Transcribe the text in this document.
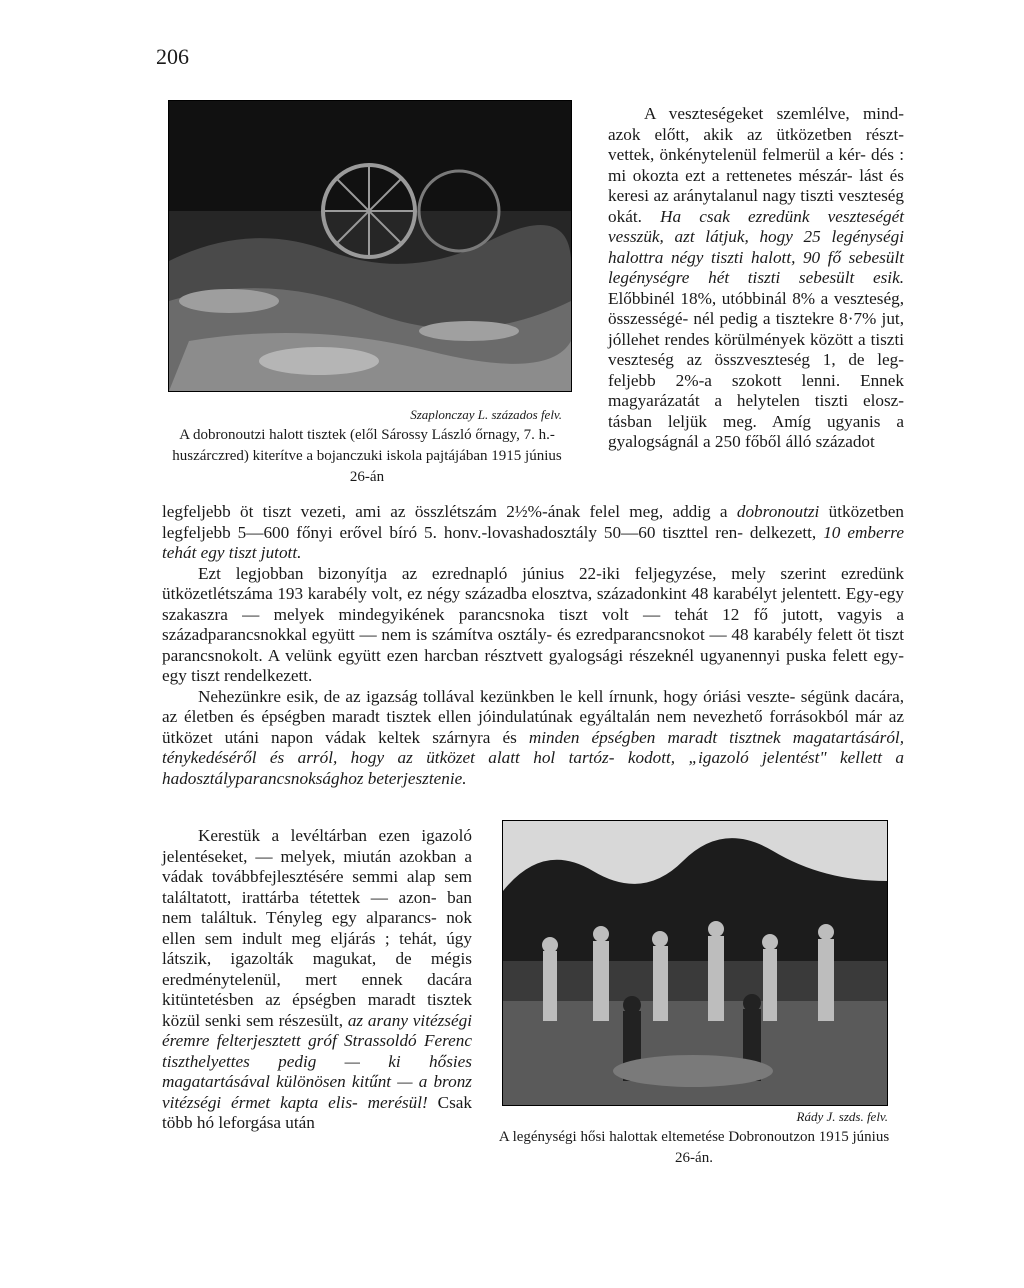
206
Szaplonczay L. százados felv.
A dobronoutzi halott tisztek (elől Sárossy László őrnagy, 7. h.-huszárczred) kiterítve a bojanczuki iskola pajtájában 1915 június 26-án

A veszteségeket szemlélve, mind- azok előtt, akik az ütközetben részt- vettek, önkénytelenül felmerül a kér- dés : mi okozta ezt a rettenetes mészár- lást és keresi az aránytalanul nagy tiszti veszteség okát. Ha csak ezredünk veszteségét vesszük, azt látjuk, hogy 25 legénységi halottra négy tiszti halott, 90 fő sebesült legénységre hét tiszti sebesült esik. Előbbinél 18%, utóbbinál 8% a veszteség, összességé- nél pedig a tisztekre 8·7% jut, jóllehet rendes körülmények között a tiszti veszteség az összveszteség 1, de leg- feljebb 2%-a szokott lenni. Ennek magyarázatát a helytelen tiszti elosz- tásban leljük meg. Amíg ugyanis a gyalogságnál a 250 főből álló századot

legfeljebb öt tiszt vezeti, ami az összlétszám 2½%-ának felel meg, addig a dobronoutzi ütközetben legfeljebb 5—600 főnyi erővel bíró 5. honv.-lovashadosztály 50—60 tiszttel ren- delkezett, 10 emberre tehát egy tiszt jutott.

Ezt legjobban bizonyítja az ezrednapló június 22-iki feljegyzése, mely szerint ezredünk ütközetlétszáma 193 karabély volt, ez négy századba elosztva, századonkint 48 karabélyt jelentett. Egy-egy szakaszra — melyek mindegyikének parancsnoka tiszt volt — tehát 12 fő jutott, vagyis a századparancsnokkal együtt — nem is számítva osztály- és ezredparancsnokot — 48 karabély felett öt tiszt parancsnokolt. A velünk együtt ezen harcban résztvett gyalogsági részeknél ugyanennyi puska felett egy-egy tiszt rendelkezett.

Nehezünkre esik, de az igazság tollával kezünkben le kell írnunk, hogy óriási veszte- ségünk dacára, az életben és épségben maradt tisztek ellen jóindulatúnak egyáltalán nem nevezhető forrásokból már az ütközet utáni napon vádak keltek szárnyra és minden épségben maradt tisztnek magatartásáról, ténykedéséről és arról, hogy az ütközet alatt hol tartóz- kodott, „igazoló jelentést" kellett a hadosztályparancsnoksághoz beterjesztenie.

Kerestük a levéltárban ezen igazoló jelentéseket, — melyek, miután azokban a vádak továbbfejlesztésére semmi alap sem találtatott, irattárba tétettek — azon- ban nem találtuk. Tényleg egy alparancs- nok ellen sem indult meg eljárás ; tehát, úgy látszik, igazolták magukat, de mégis eredménytelenül, mert ennek dacára kitüntetésben az épségben maradt tisztek közül senki sem részesült, az arany vitézségi éremre felterjesztett gróf Strassoldó Ferenc tiszthelyettes pedig — ki hősies magatartásával különösen kitűnt — a bronz vitézségi érmet kapta elis- merésül! Csak több hó leforgása után	Rády J. szds. felv.
A legénységi hősi halottak eltemetése Dobronoutzon 1915 június 26-án.
